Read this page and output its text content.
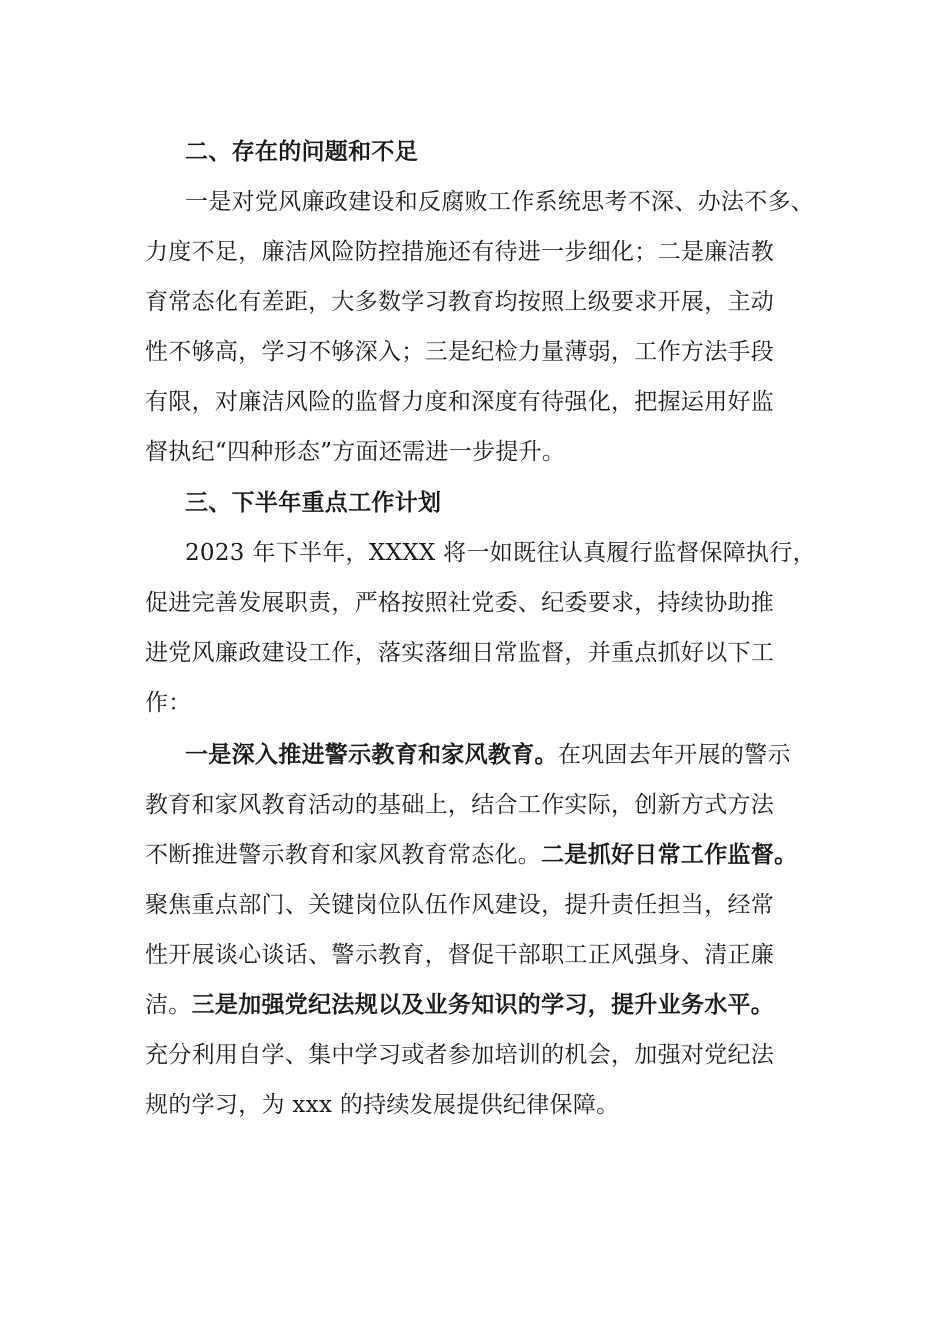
二、存在的问题和不足
一是对党风廉政建设和反腐败工作系统思考不深、办法不多、
力度不足，廉洁风险防控措施还有待进一步细化；二是廉洁教
育常态化有差距，大多数学习教育均按照上级要求开展，主动
性不够高，学习不够深入；三是纪检力量薄弱，工作方法手段
有限，对廉洁风险的监督力度和深度有待强化，把握运用好监
督执纪“四种形态”方面还需进一步提升。
三、下半年重点工作计划
2023 年下半年，XXXX 将一如既往认真履行监督保障执行，
促进完善发展职责，严格按照社党委、纪委要求，持续协助推
进党风廉政建设工作，落实落细日常监督，并重点抓好以下工
作：
一是深入推进警示教育和家风教育。在巩固去年开展的警示
教育和家风教育活动的基础上，结合工作实际，创新方式方法
不断推进警示教育和家风教育常态化。二是抓好日常工作监督。
聚焦重点部门、关键岗位队伍作风建设，提升责任担当，经常
性开展谈心谈话、警示教育，督促干部职工正风强身、清正廉
洁。三是加强党纪法规以及业务知识的学习，提升业务水平。
充分利用自学、集中学习或者参加培训的机会，加强对党纪法
规的学习，为 xxx 的持续发展提供纪律保障。
